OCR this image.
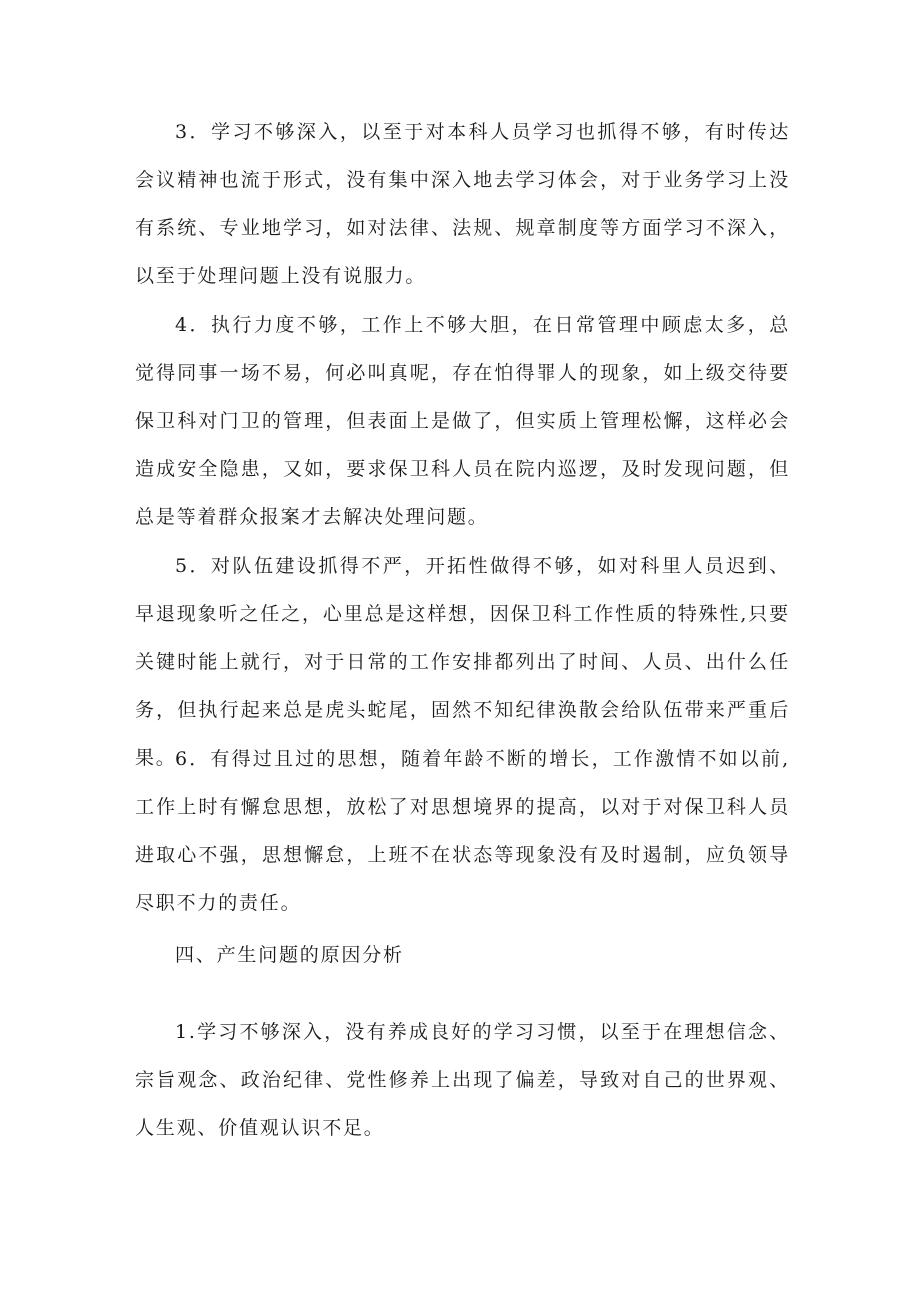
3．学习不够深入，以至于对本科人员学习也抓得不够，有时传达会议精神也流于形式，没有集中深入地去学习体会，对于业务学习上没有系统、专业地学习，如对法律、法规、规章制度等方面学习不深入，以至于处理问题上没有说服力。

4．执行力度不够，工作上不够大胆，在日常管理中顾虑太多，总觉得同事一场不易，何必叫真呢，存在怕得罪人的现象，如上级交待要保卫科对门卫的管理，但表面上是做了，但实质上管理松懈，这样必会造成安全隐患，又如，要求保卫科人员在院内巡逻，及时发现问题，但总是等着群众报案才去解决处理问题。

5．对队伍建设抓得不严，开拓性做得不够，如对科里人员迟到、早退现象听之任之，心里总是这样想，因保卫科工作性质的特殊性,只要关键时能上就行，对于日常的工作安排都列出了时间、人员、出什么任务，但执行起来总是虎头蛇尾，固然不知纪律涣散会给队伍带来严重后果。

6．有得过且过的思想，随着年龄不断的增长，工作激情不如以前,工作上时有懈怠思想，放松了对思想境界的提高，以对于对保卫科人员进取心不强，思想懈怠，上班不在状态等现象没有及时遏制，应负领导尽职不力的责任。

四、产生问题的原因分析

1.学习不够深入，没有养成良好的学习习惯，以至于在理想信念、宗旨观念、政治纪律、党性修养上出现了偏差，导致对自己的世界观、人生观、价值观认识不足。
